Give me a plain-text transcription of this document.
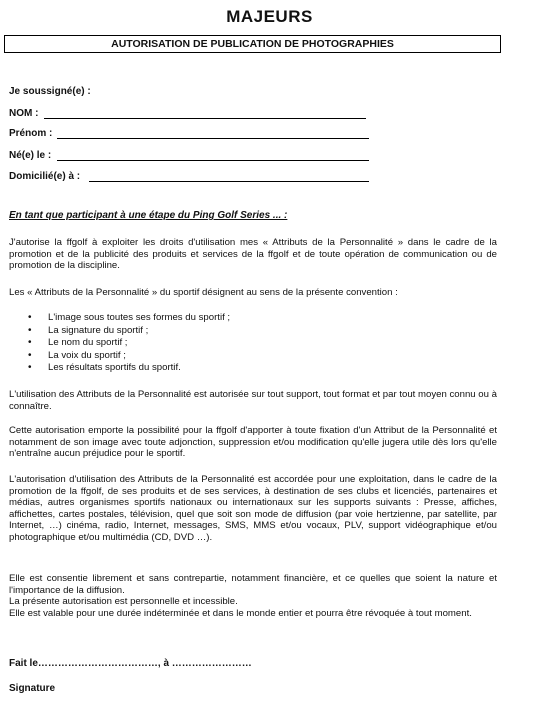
MAJEURS
AUTORISATION DE PUBLICATION DE PHOTOGRAPHIES
Je soussigné(e) :
NOM :
Prénom :
Né(e) le :
Domicilié(e) à :
En tant que participant à une étape du Ping Golf Series ... :

J'autorise la ffgolf à exploiter les droits d'utilisation mes « Attributs de la Personnalité » dans le cadre de la promotion et de la publicité des produits et services de la ffgolf et de toute opération de communication ou de promotion de la discipline.

Les « Attributs de la Personnalité » du sportif désignent au sens de la présente convention :

• L'image sous toutes ses formes du sportif ;
• La signature du sportif ;
• Le nom du sportif ;
• La voix du sportif ;
• Les résultats sportifs du sportif.

L'utilisation des Attributs de la Personnalité est autorisée sur tout support, tout format et par tout moyen connu ou à connaître.

Cette autorisation emporte la possibilité pour la ffgolf d'apporter à toute fixation d'un Attribut de la Personnalité et notamment de son image avec toute adjonction, suppression et/ou modification qu'elle jugera utile dès lors qu'elle n'entraîne aucun préjudice pour le sportif.

L'autorisation d'utilisation des Attributs de la Personnalité est accordée pour une exploitation, dans le cadre de la promotion de la ffgolf, de ses produits et de ses services, à destination de ses clubs et licenciés, partenaires et médias, autres organismes sportifs nationaux ou internationaux sur les supports suivants : Presse, affiches, affichettes, cartes postales, télévision, quel que soit son mode de diffusion (par voie hertzienne, par satellite, par Internet, …) cinéma, radio, Internet, messages, SMS, MMS et/ou vocaux, PLV, support vidéographique et/ou photographique et/ou multimédia (CD, DVD …).

Elle est consentie librement et sans contrepartie, notamment financière, et ce quelles que soient la nature et l'importance de la diffusion.
La présente autorisation est personnelle et incessible.
Elle est valable pour une durée indéterminée et dans le monde entier et pourra être révoquée à tout moment.
Fait le………………………………, à ……………………
Signature
